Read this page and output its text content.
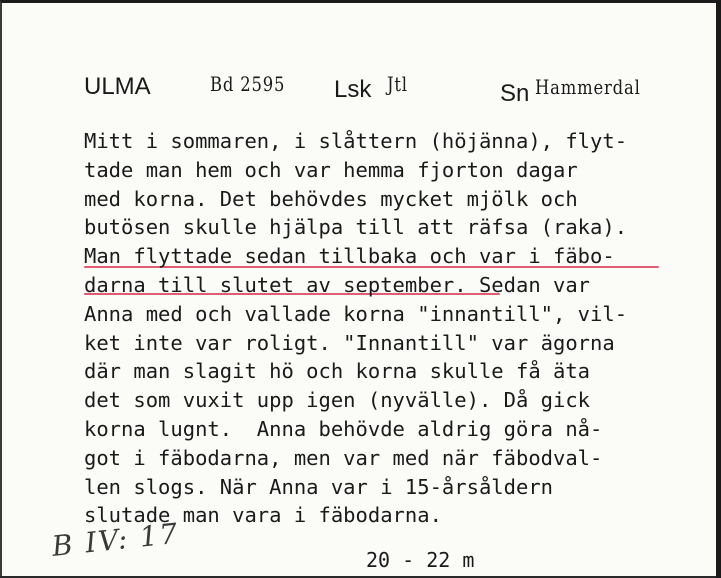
ULMA	Bd 2595 Lsk Jtl	Sn Hammerdal
Mitt i sommaren, i slåttern (höjänna), flyt-
tade man hem och var hemma fjorton dagar
med korna. Det behövdes mycket mjölk och
butösen skulle hjälpa till att räfsa (raka).
Man flyttade sedan tillbaka och var i fäbo-
darna till slutet av september. Sedan var
Anna med och vallade korna "innantill", vil-
ket inte var roligt. "Innantill" var ägorna
där man slagit hö och korna skulle få äta
det som vuxit upp igen (nyvälle). Då gick
korna lugnt.  Anna behövde aldrig göra nå-
got i fäbodarna, men var med när fäbodval-
len slogs. När Anna var i 15-årsåldern
slutade man vara i fäbodarna.
B IV: 17	20 - 22 m
